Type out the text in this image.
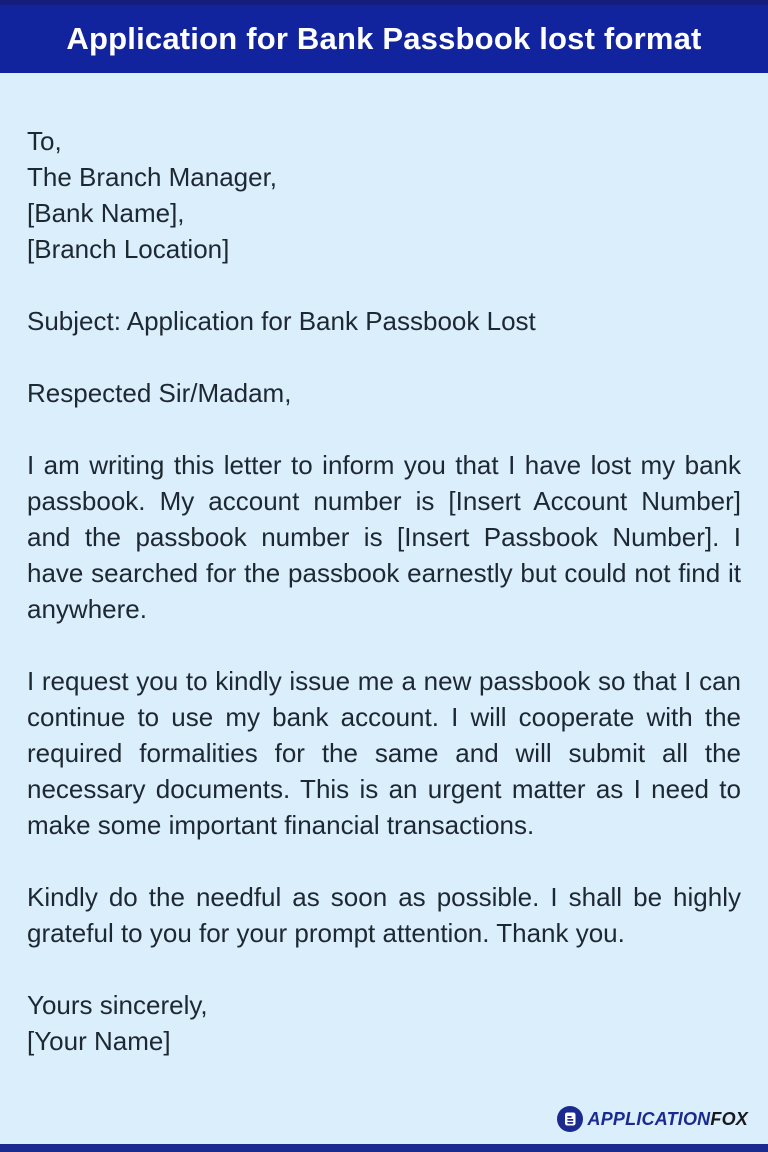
Application for Bank Passbook lost format
To,
The Branch Manager,
[Bank Name],
[Branch Location]
Subject: Application for Bank Passbook Lost
Respected Sir/Madam,

I am writing this letter to inform you that I have lost my bank passbook. My account number is [Insert Account Number] and the passbook number is [Insert Passbook Number]. I have searched for the passbook earnestly but could not find it anywhere.

I request you to kindly issue me a new passbook so that I can continue to use my bank account. I will cooperate with the required formalities for the same and will submit all the necessary documents. This is an urgent matter as I need to make some important financial transactions.

Kindly do the needful as soon as possible. I shall be highly grateful to you for your prompt attention. Thank you.

Yours sincerely,
[Your Name]
APPLICATIONFOX
